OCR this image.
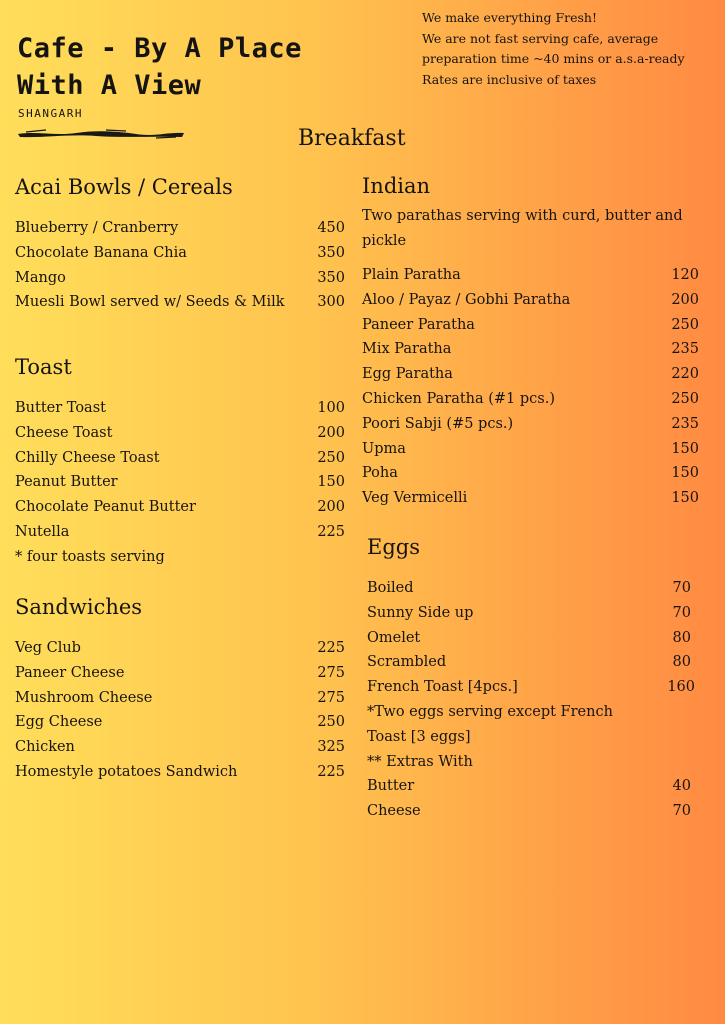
Cafe - By A Place
With A View
SHANGARH
We make everything Fresh!
We are not fast serving cafe, average
preparation time ~40 mins or a.s.a-ready
Rates are inclusive of taxes
Breakfast
Acai Bowls / Cereals
Blueberry / Cranberry	450
Chocolate Banana Chia	350
Mango	350
Muesli Bowl served w/ Seeds & Milk	300
Toast
Butter Toast	100
Cheese Toast	200
Chilly Cheese Toast	250
Peanut Butter	150
Chocolate Peanut Butter	200
Nutella	225
* four toasts serving
Sandwiches
Veg Club	225
Paneer Cheese	275
Mushroom Cheese	275
Egg Cheese	250
Chicken	325
Homestyle potatoes Sandwich	225
Indian
Two parathas serving with curd, butter and pickle
Plain Paratha	120
Aloo / Payaz / Gobhi Paratha	200
Paneer Paratha	250
Mix Paratha	235
Egg Paratha	220
Chicken Paratha (#1 pcs.)	250
Poori Sabji (#5 pcs.)	235
Upma	150
Poha	150
Veg Vermicelli	150
Eggs
Boiled	70
Sunny Side up	70
Omelet	80
Scrambled	80
French Toast [4pcs.]	160
*Two eggs serving except French Toast [3 eggs]
** Extras With
Butter	40
Cheese	70
